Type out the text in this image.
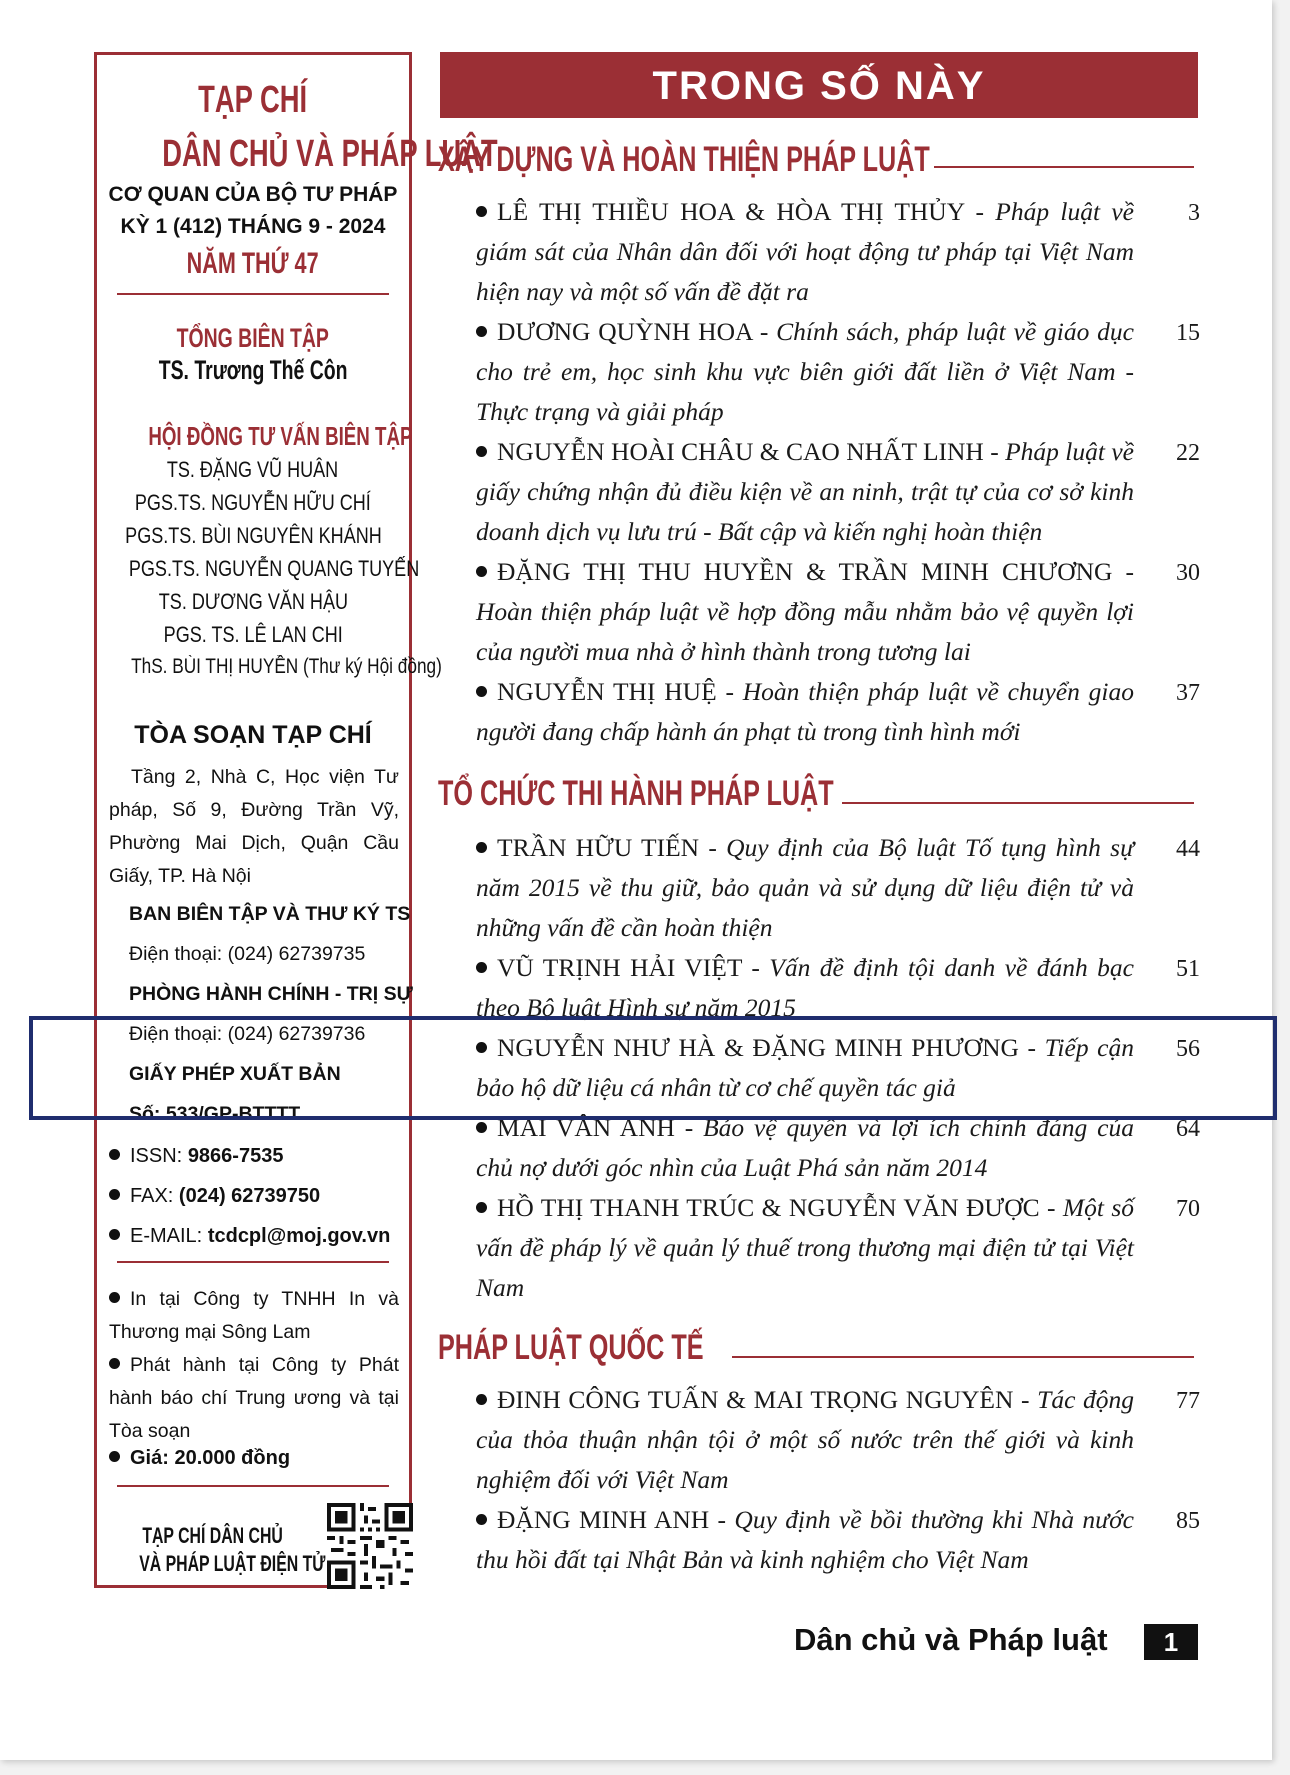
TẠP CHÍ
DÂN CHỦ VÀ PHÁP LUẬT
CƠ QUAN CỦA BỘ TƯ PHÁP
KỲ 1 (412) THÁNG 9 - 2024
NĂM THỨ 47
TỔNG BIÊN TẬP
TS. Trương Thế Côn
HỘI ĐỒNG TƯ VẤN BIÊN TẬP
TS. ĐẶNG VŨ HUÂN
PGS.TS. NGUYỄN HỮU CHÍ
PGS.TS. BÙI NGUYÊN KHÁNH
PGS.TS. NGUYỄN QUANG TUYẾN
TS. DƯƠNG VĂN HẬU
PGS. TS. LÊ LAN CHI
ThS. BÙI THỊ HUYỀN (Thư ký Hội đồng)
TÒA SOẠN TẠP CHÍ
Tầng 2, Nhà C, Học viện Tư pháp, Số 9, Đường Trần Vỹ, Phường Mai Dịch, Quận Cầu Giấy, TP. Hà Nội
BAN BIÊN TẬP VÀ THƯ KÝ TS
Điện thoại: (024) 62739735
PHÒNG HÀNH CHÍNH - TRỊ SỰ
Điện thoại: (024) 62739736
GIẤY PHÉP XUẤT BẢN
Số: 533/GP-BTTTT
ISSN: 9866-7535
FAX: (024) 62739750
E-MAIL: tcdcpl@moj.gov.vn
In tại Công ty TNHH In và Thương mại Sông Lam
Phát hành tại Công ty Phát hành báo chí Trung ương và tại Tòa soạn
Giá: 20.000 đồng
TẠP CHÍ DÂN CHỦ
VÀ PHÁP LUẬT ĐIỆN TỬ
TRONG SỐ NÀY
XÂY DỰNG VÀ HOÀN THIỆN PHÁP LUẬT
LÊ THỊ THIỀU HOA & HÒA THỊ THỦY - Pháp luật về giám sát của Nhân dân đối với hoạt động tư pháp tại Việt Nam hiện nay và một số vấn đề đặt ra
3
DƯƠNG QUỲNH HOA - Chính sách, pháp luật về giáo dục cho trẻ em, học sinh khu vực biên giới đất liền ở Việt Nam - Thực trạng và giải pháp
15
NGUYỄN HOÀI CHÂU & CAO NHẤT LINH - Pháp luật về giấy chứng nhận đủ điều kiện về an ninh, trật tự của cơ sở kinh doanh dịch vụ lưu trú - Bất cập và kiến nghị hoàn thiện
22
ĐẶNG THỊ THU HUYỀN & TRẦN MINH CHƯƠNG - Hoàn thiện pháp luật về hợp đồng mẫu nhằm bảo vệ quyền lợi của người mua nhà ở hình thành trong tương lai
30
NGUYỄN THỊ HUỆ - Hoàn thiện pháp luật về chuyển giao người đang chấp hành án phạt tù trong tình hình mới
37
TỔ CHỨC THI HÀNH PHÁP LUẬT
TRẦN HỮU TIẾN - Quy định của Bộ luật Tố tụng hình sự năm 2015 về thu giữ, bảo quản và sử dụng dữ liệu điện tử và những vấn đề cần hoàn thiện
44
VŨ TRỊNH HẢI VIỆT - Vấn đề định tội danh về đánh bạc theo Bộ luật Hình sự năm 2015
51
NGUYỄN NHƯ HÀ & ĐẶNG MINH PHƯƠNG - Tiếp cận bảo hộ dữ liệu cá nhân từ cơ chế quyền tác giả
56
MAI VÂN ANH - Bảo vệ quyền và lợi ích chính đáng của chủ nợ dưới góc nhìn của Luật Phá sản năm 2014
64
HỒ THỊ THANH TRÚC & NGUYỄN VĂN ĐƯỢC - Một số vấn đề pháp lý về quản lý thuế trong thương mại điện tử tại Việt Nam
70
PHÁP LUẬT QUỐC TẾ
ĐINH CÔNG TUẤN & MAI TRỌNG NGUYÊN - Tác động của thỏa thuận nhận tội ở một số nước trên thế giới và kinh nghiệm đối với Việt Nam
77
ĐẶNG MINH ANH - Quy định về bồi thường khi Nhà nước thu hồi đất tại Nhật Bản và kinh nghiệm cho Việt Nam
85
Dân chủ và Pháp luật	1
